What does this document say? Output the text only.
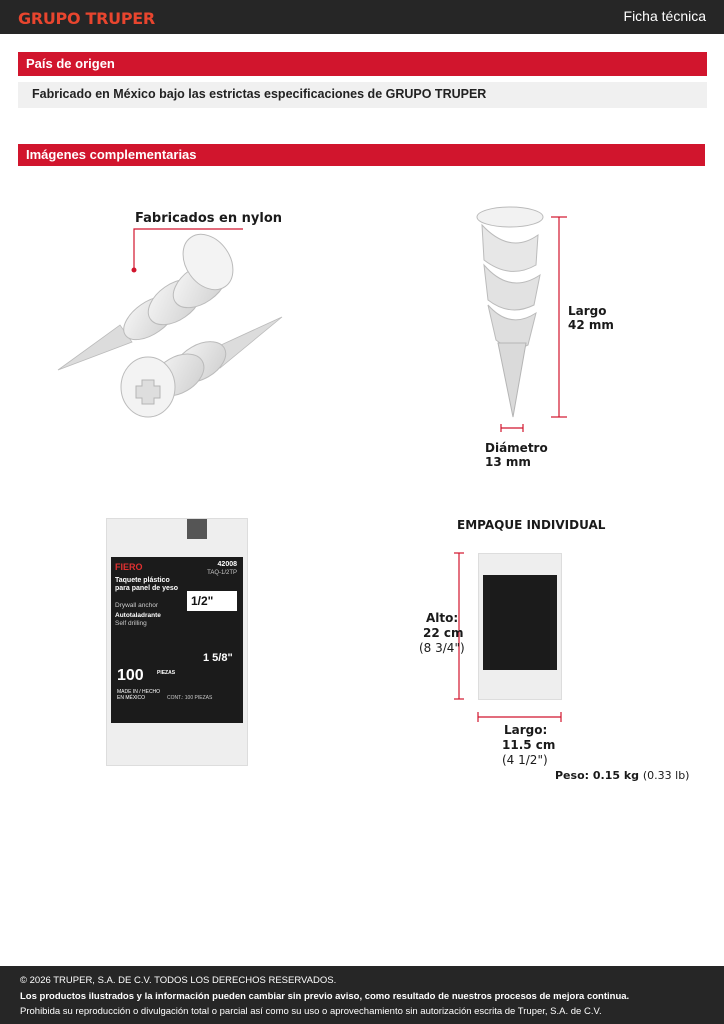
GRUPO TRUPER	Ficha técnica
País de origen
Fabricado en México bajo las estrictas especificaciones de GRUPO TRUPER
Imágenes complementarias
Fabricados en nylon
Largo
42 mm
Diámetro
13 mm
FIERO	42008
TAQ-1/2TP
Taquete plástico para panel de yeso
Drywall anchor
Autotaladrante
Self drilling
1/2"
1 5/8"
100	PIEZAS
MADE IN / HECHO EN MÉXICO	CONT.: 100 PIEZAS
EMPAQUE INDIVIDUAL
Alto:
22 cm
(8 3/4")
Largo:
11.5 cm
(4 1/2")
Peso: 0.15 kg (0.33 lb)
© 2026 TRUPER, S.A. DE C.V. TODOS LOS DERECHOS RESERVADOS.
Los productos ilustrados y la información pueden cambiar sin previo aviso, como resultado de nuestros procesos de mejora continua.
Prohibida su reproducción o divulgación total o parcial así como su uso o aprovechamiento sin autorización escrita de Truper, S.A. de C.V.
